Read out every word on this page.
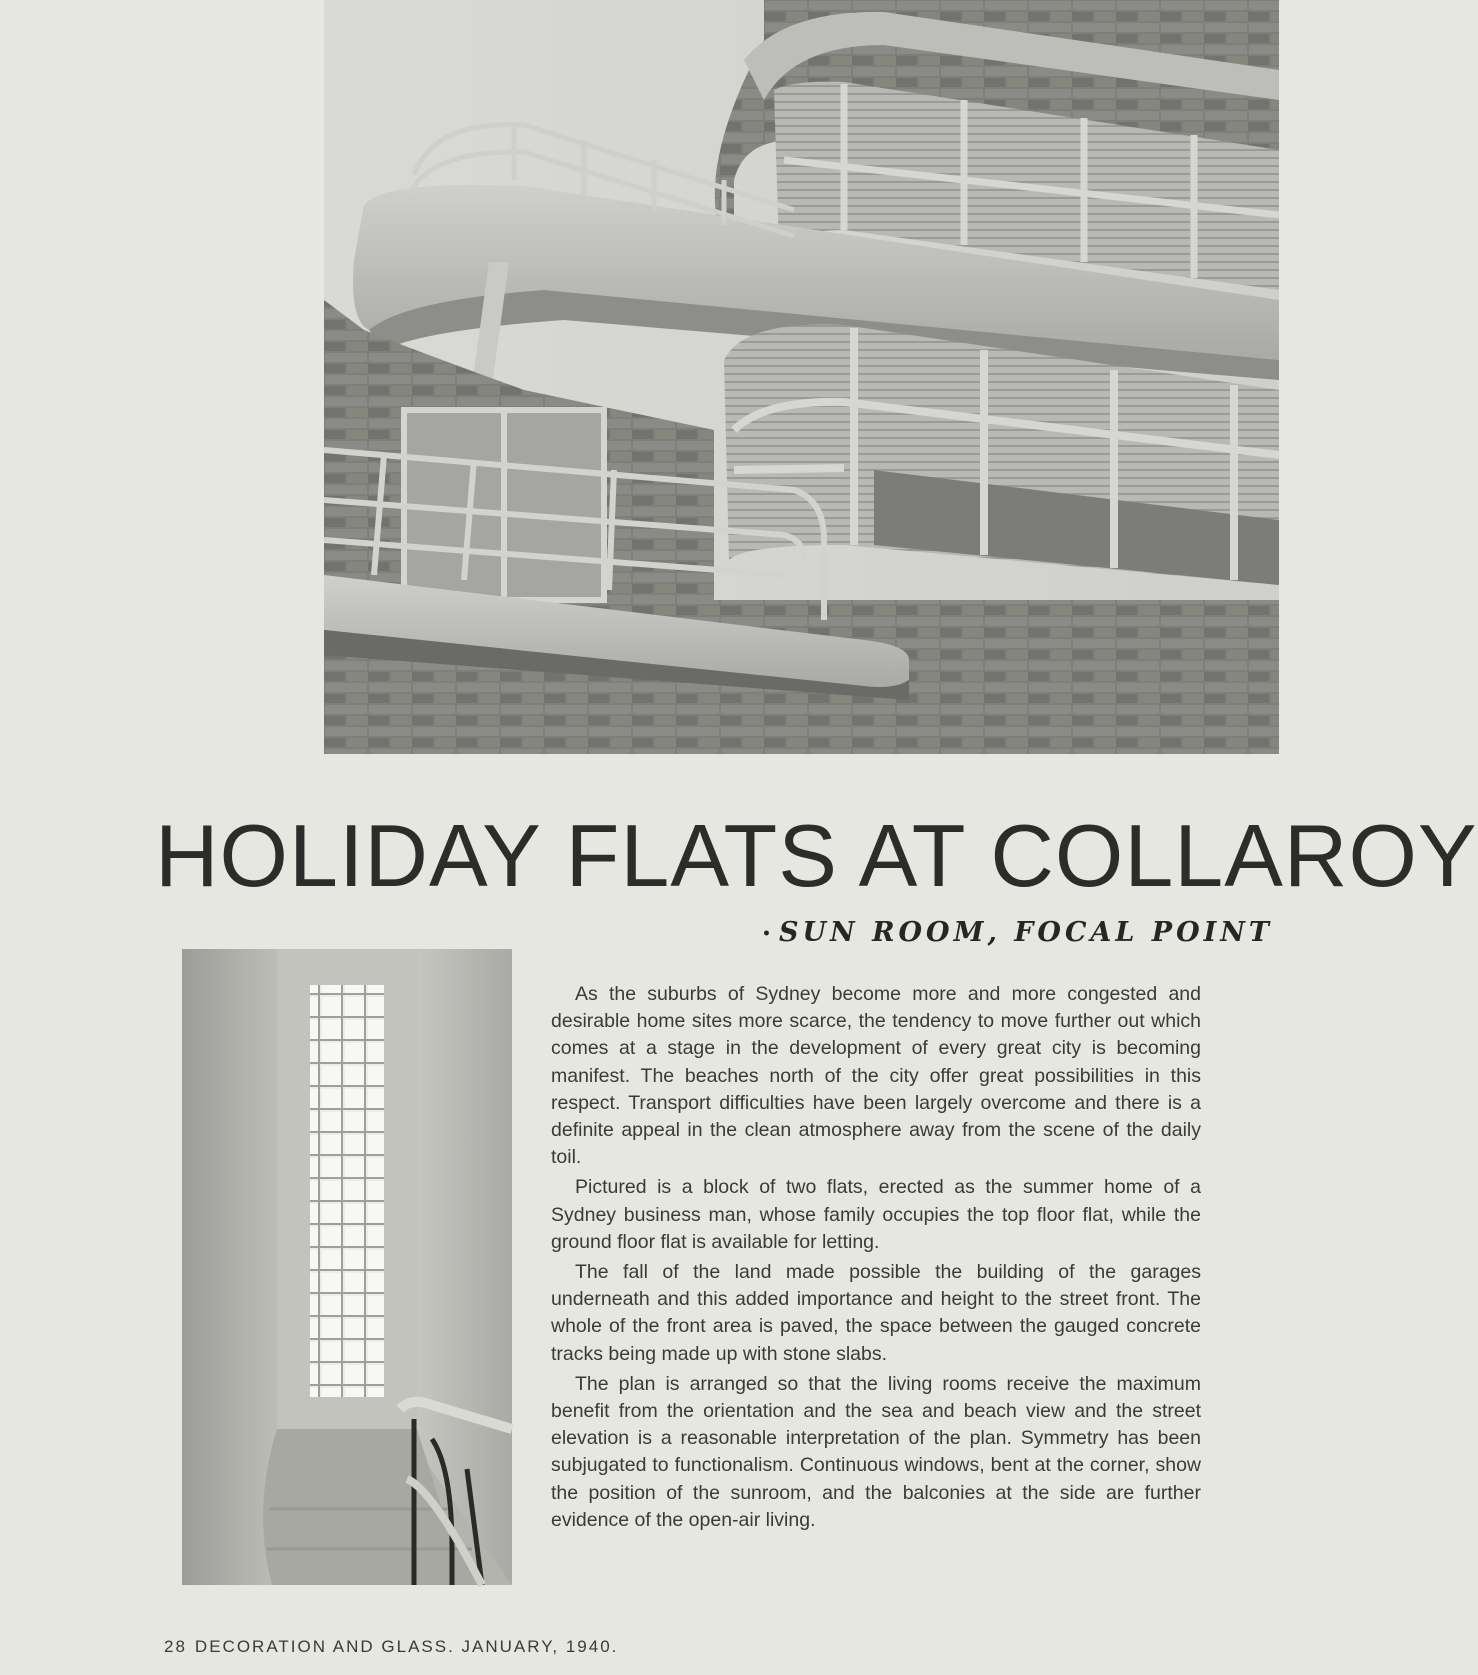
HOLIDAY FLATS AT COLLAROY
• SUN ROOM, FOCAL POINT

As the suburbs of Sydney become more and more congested and desirable home sites more scarce, the tendency to move further out which comes at a stage in the development of every great city is becoming manifest. The beaches north of the city offer great possibilities in this respect. Transport difficulties have been largely overcome and there is a definite appeal in the clean atmosphere away from the scene of the daily toil.

Pictured is a block of two flats, erected as the summer home of a Sydney business man, whose family occupies the top floor flat, while the ground floor flat is available for letting.

The fall of the land made possible the building of the garages underneath and this added importance and height to the street front. The whole of the front area is paved, the space between the gauged concrete tracks being made up with stone slabs.

The plan is arranged so that the living rooms receive the maximum benefit from the orientation and the sea and beach view and the street elevation is a reasonable interpretation of the plan. Symmetry has been subjugated to functionalism. Continuous windows, bent at the corner, show the position of the sunroom, and the balconies at the side are further evidence of the open-air living.

28 DECORATION AND GLASS. JANUARY, 1940.
